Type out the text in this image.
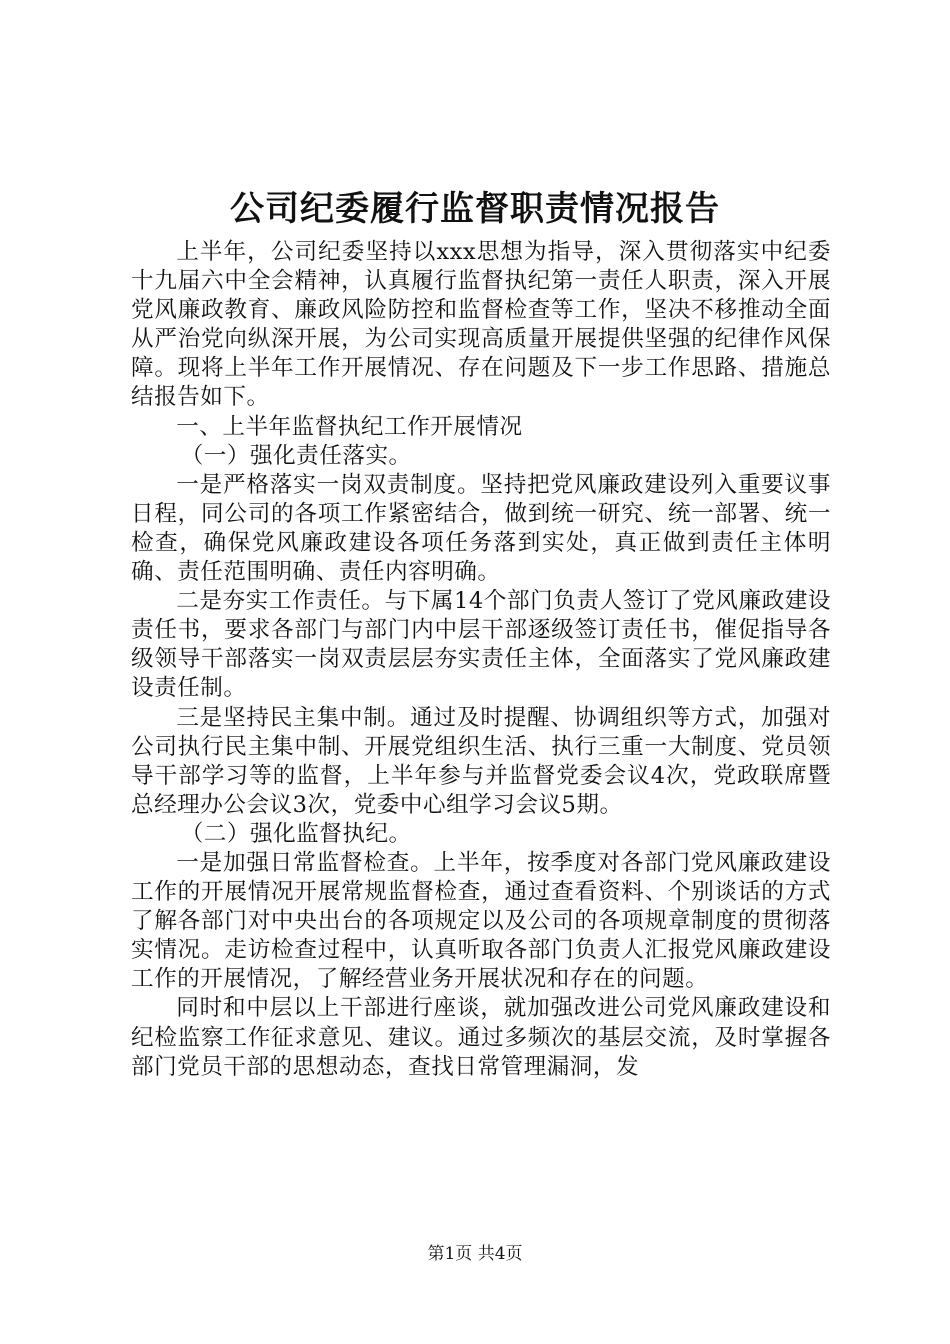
公司纪委履行监督职责情况报告

上半年，公司纪委坚持以xxx思想为指导，深入贯彻落实中纪委十九届六中全会精神，认真履行监督执纪第一责任人职责，深入开展党风廉政教育、廉政风险防控和监督检查等工作，坚决不移推动全面从严治党向纵深开展，为公司实现高质量开展提供坚强的纪律作风保障。现将上半年工作开展情况、存在问题及下一步工作思路、措施总结报告如下。

一、上半年监督执纪工作开展情况

（一）强化责任落实。

一是严格落实一岗双责制度。坚持把党风廉政建设列入重要议事日程，同公司的各项工作紧密结合，做到统一研究、统一部署、统一检查，确保党风廉政建设各项任务落到实处，真正做到责任主体明确、责任范围明确、责任内容明确。

二是夯实工作责任。与下属14个部门负责人签订了党风廉政建设责任书，要求各部门与部门内中层干部逐级签订责任书，催促指导各级领导干部落实一岗双责层层夯实责任主体，全面落实了党风廉政建设责任制。

三是坚持民主集中制。通过及时提醒、协调组织等方式，加强对公司执行民主集中制、开展党组织生活、执行三重一大制度、党员领导干部学习等的监督，上半年参与并监督党委会议4次，党政联席暨总经理办公会议3次，党委中心组学习会议5期。

（二）强化监督执纪。

一是加强日常监督检查。上半年，按季度对各部门党风廉政建设工作的开展情况开展常规监督检查，通过查看资料、个别谈话的方式了解各部门对中央出台的各项规定以及公司的各项规章制度的贯彻落实情况。走访检查过程中，认真听取各部门负责人汇报党风廉政建设工作的开展情况，了解经营业务开展状况和存在的问题。

同时和中层以上干部进行座谈，就加强改进公司党风廉政建设和纪检监察工作征求意见、建议。通过多频次的基层交流，及时掌握各部门党员干部的思想动态，查找日常管理漏洞，发

第1页 共4页
